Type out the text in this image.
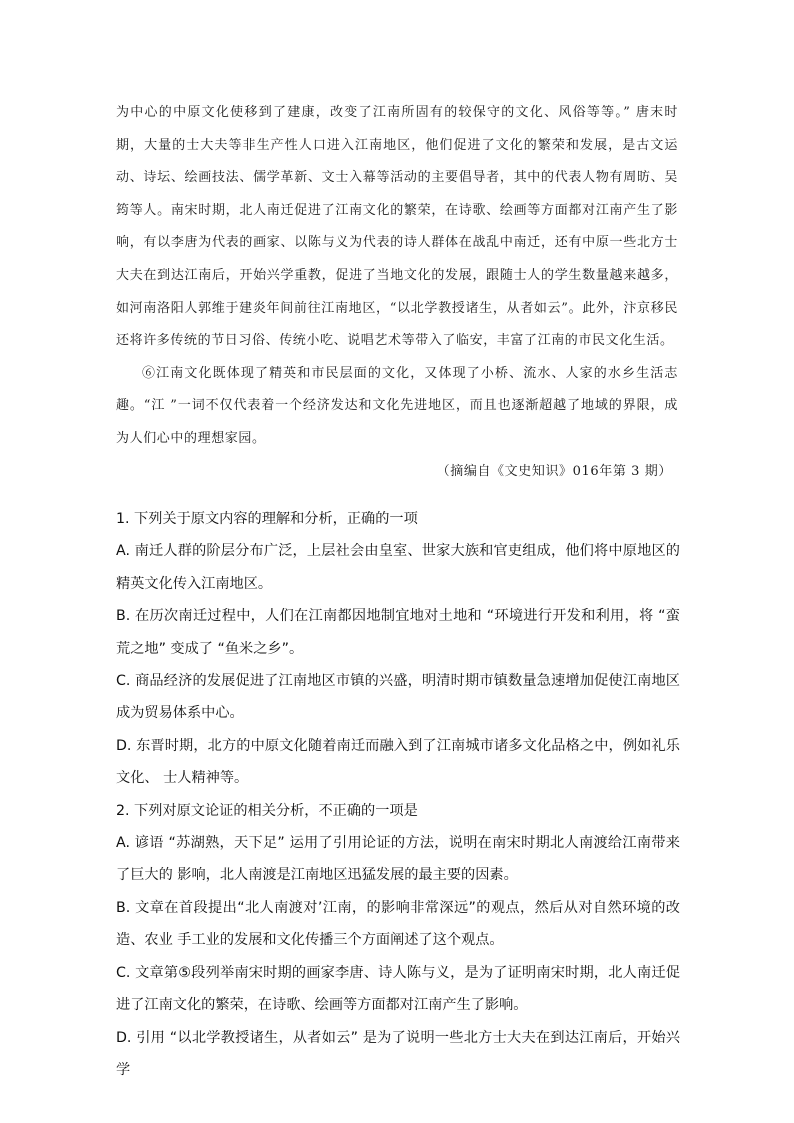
为中心的中原文化使移到了建康，改变了江南所固有的较保守的文化、风俗等等。” 唐末时期，大量的士大夫等非生产性人口进入江南地区，他们促进了文化的繁荣和发展，是古文运动、诗坛、绘画技法、儒学革新、文士入幕等活动的主要倡导者，其中的代表人物有周昉、吴筠等人。南宋时期，北人南迁促进了江南文化的繁荣，在诗歌、绘画等方面都对江南产生了影响，有以李唐为代表的画家、以陈与义为代表的诗人群体在战乱中南迁，还有中原一些北方士大夫在到达江南后，开始兴学重教，促进了当地文化的发展，跟随士人的学生数量越来越多，如河南洛阳人郭维于建炎年间前往江南地区，“以北学教授诸生，从者如云”。此外，汴京移民还将许多传统的节日习俗、传统小吃、说唱艺术等带入了临安，丰富了江南的市民文化生活。

⑥江南文化既体现了精英和市民层面的文化，又体现了小桥、流水、人家的水乡生活志趣。“江 ”一词不仅代表着一个经济发达和文化先进地区，而且也逐渐超越了地域的界限，成为人们心中的理想家园。

（摘编自《文史知识》016年第 3 期）

1. 下列关于原文内容的理解和分析，正确的一项

A. 南迁人群的阶层分布广泛，上层社会由皇室、世家大族和官吏组成，他们将中原地区的精英文化传入江南地区。

B. 在历次南迁过程中，人们在江南都因地制宜地对土地和 “环境进行开发和利用，将 “蛮荒之地” 变成了 “鱼米之乡”。

C. 商品经济的发展促进了江南地区市镇的兴盛，明清时期市镇数量急速增加促使江南地区成为贸易体系中心。

D. 东晋时期，北方的中原文化随着南迁而融入到了江南城市诸多文化品格之中，例如礼乐文化、 士人精神等。

2. 下列对原文论证的相关分析，不正确的一项是

A. 谚语 “苏湖熟，天下足” 运用了引用论证的方法，说明在南宋时期北人南渡给江南带来了巨大的 影响，北人南渡是江南地区迅猛发展的最主要的因素。

B. 文章在首段提出“北人南渡对’江南，的影响非常深远”的观点，然后从对自然环境的改造、农业 手工业的发展和文化传播三个方面阐述了这个观点。

C. 文章第⑤段列举南宋时期的画家李唐、诗人陈与义，是为了证明南宋时期，北人南迁促进了江南文化的繁荣，在诗歌、绘画等方面都对江南产生了影响。

D. 引用 “以北学教授诸生，从者如云” 是为了说明一些北方士大夫在到达江南后，开始兴学
